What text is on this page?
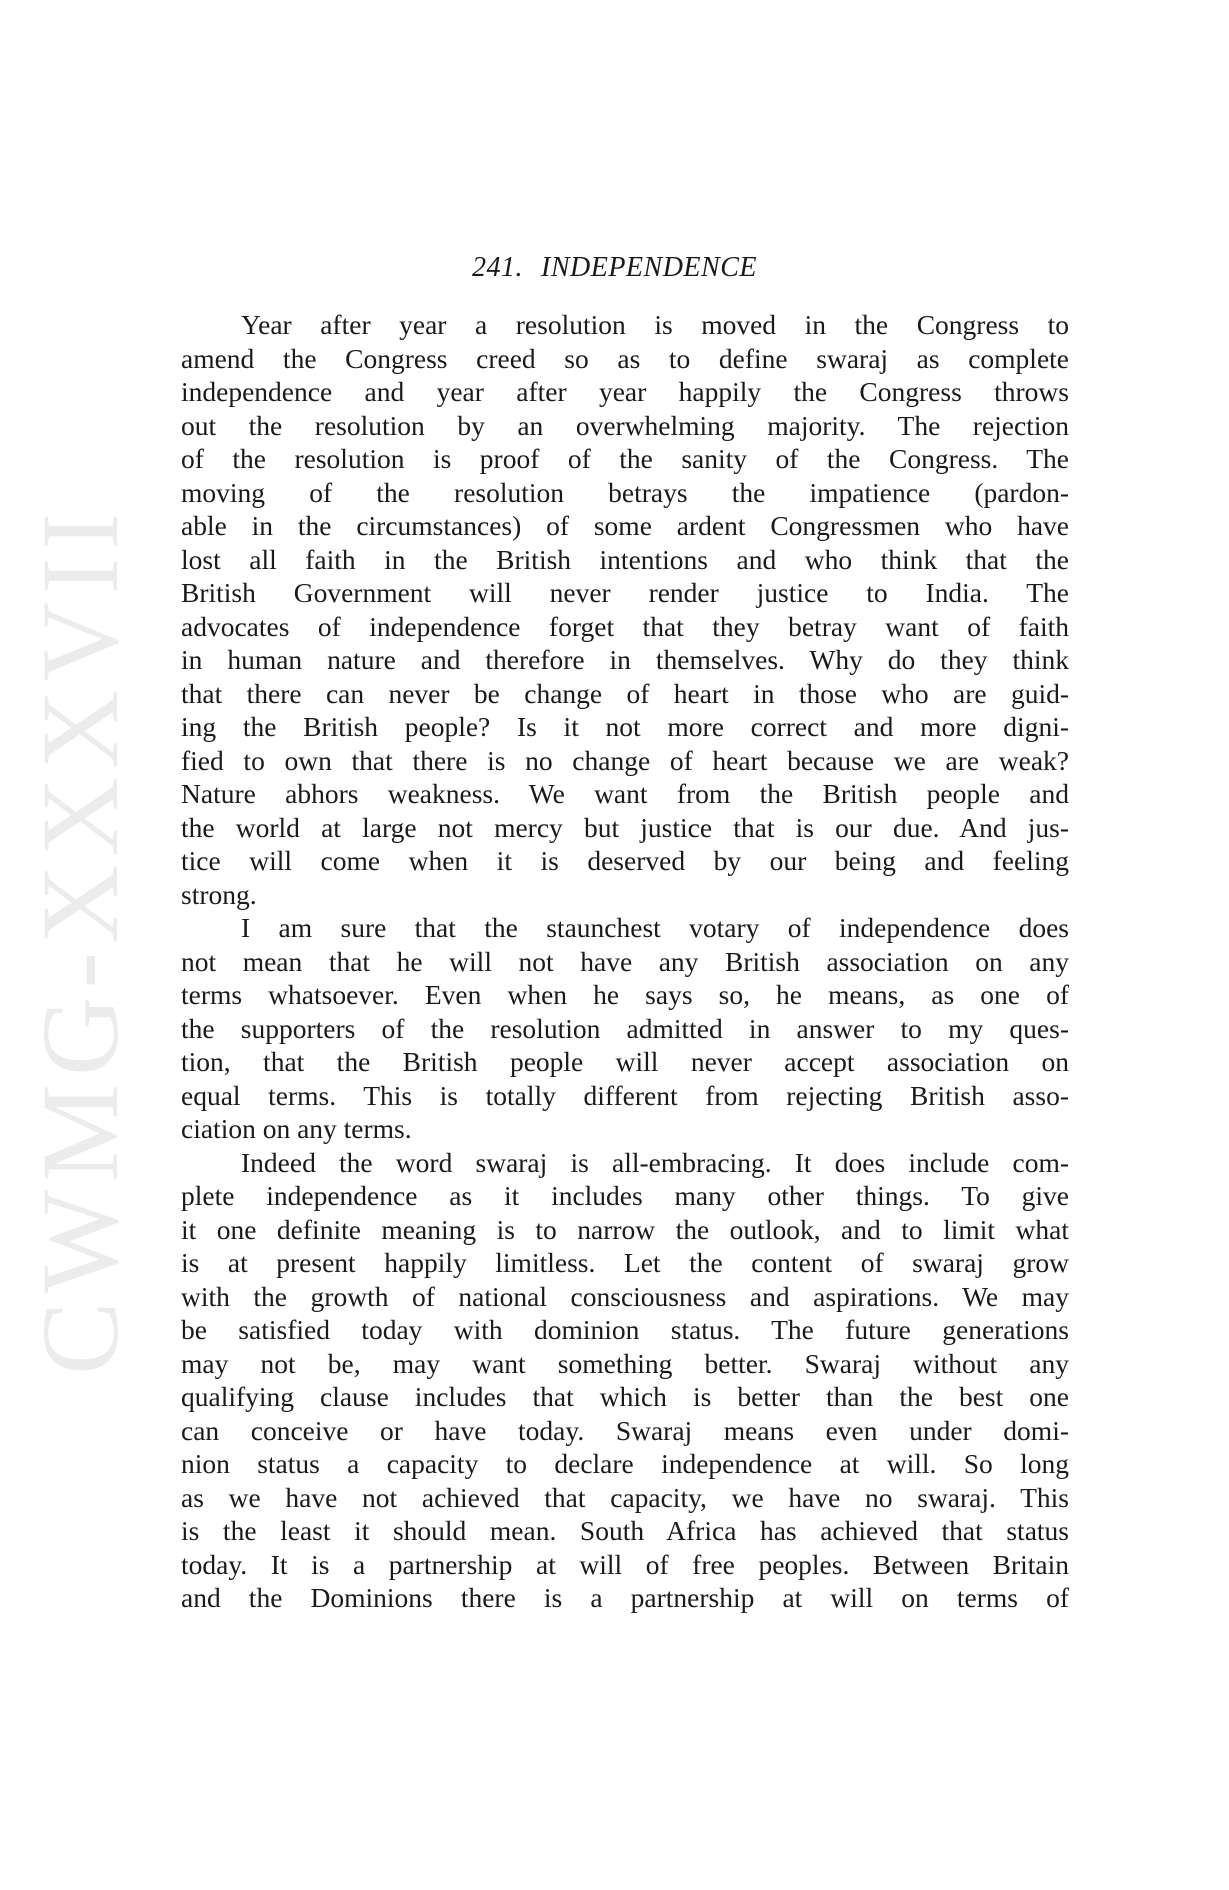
CWMG-XXXVII
241. INDEPENDENCE
Year after year a resolution is moved in the Congress to
amend the Congress creed so as to define swaraj as complete
independence and year after year happily the Congress throws
out the resolution by an overwhelming majority. The rejection
of the resolution is proof of the sanity of the Congress. The
moving of the resolution betrays the impatience (pardon-
able in the circumstances) of some ardent Congressmen who have
lost all faith in the British intentions and who think that the
British Government will never render justice to India. The
advocates of independence forget that they betray want of faith
in human nature and therefore in themselves. Why do they think
that there can never be change of heart in those who are guid-
ing the British people? Is it not more correct and more digni-
fied to own that there is no change of heart because we are weak?
Nature abhors weakness. We want from the British people and
the world at large not mercy but justice that is our due. And jus-
tice will come when it is deserved by our being and feeling
strong.
I am sure that the staunchest votary of independence does
not mean that he will not have any British association on any
terms whatsoever. Even when he says so, he means, as one of
the supporters of the resolution admitted in answer to my ques-
tion, that the British people will never accept association on
equal terms. This is totally different from rejecting British asso-
ciation on any terms.
Indeed the word swaraj is all-embracing. It does include com-
plete independence as it includes many other things. To give
it one definite meaning is to narrow the outlook, and to limit what
is at present happily limitless. Let the content of swaraj grow
with the growth of national consciousness and aspirations. We may
be satisfied today with dominion status. The future generations
may not be, may want something better. Swaraj without any
qualifying clause includes that which is better than the best one
can conceive or have today. Swaraj means even under domi-
nion status a capacity to declare independence at will. So long
as we have not achieved that capacity, we have no swaraj. This
is the least it should mean. South Africa has achieved that status
today. It is a partnership at will of free peoples. Between Britain
and the Dominions there is a partnership at will on terms of
